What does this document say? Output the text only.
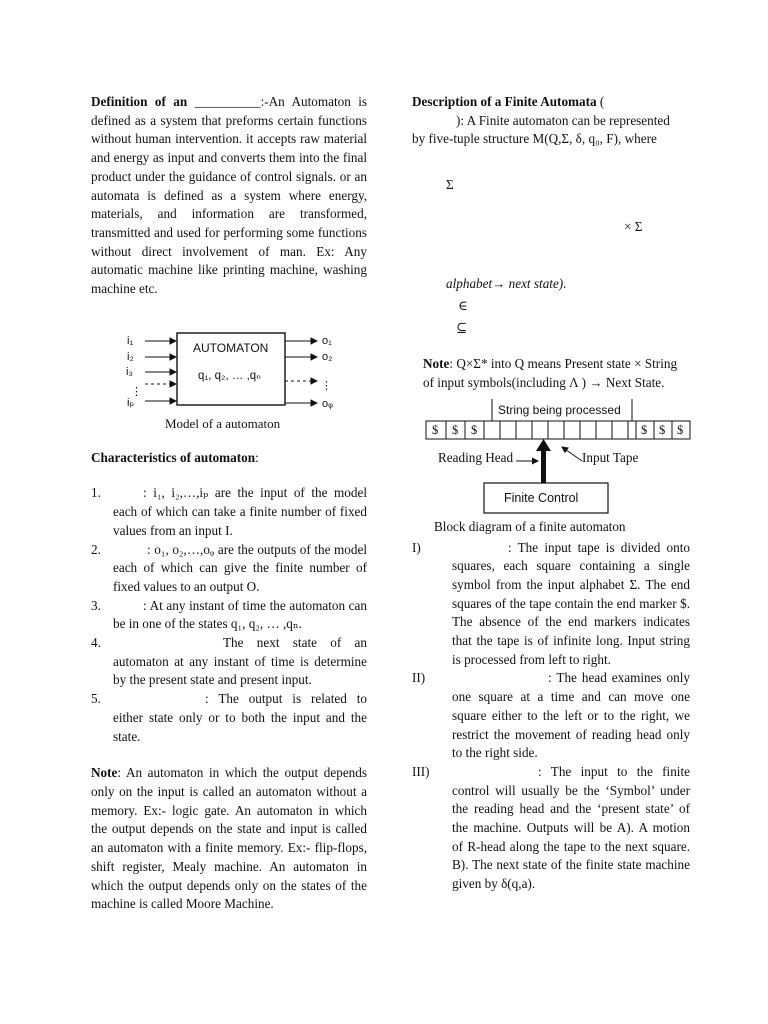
Definition of an __________:-An Automaton is defined as a system that preforms certain functions without human intervention. it accepts raw material and energy as input and converts them into the final product under the guidance of control signals. or an automata is defined as a system where energy, materials, and information are transformed, transmitted and used for performing some functions without direct involvement of man. Ex: Any automatic machine like printing machine, washing machine etc.

⋮
⋮
AUTOMATON
q₁, q₂, … ,qₙ
i₁
i₂
i₃
iₚ
o₁
o₂
oᵩ
Model of a automaton

Characteristics of automaton:

1.	: i₁, i₂,…,iₚ are the input of the model each of which can take a finite number of fixed values from an input I.
2.	: o₁, o₂,…,oᵩ are the outputs of the model each of which can give the finite number of fixed values to an output O.
3.	: At any instant of time the automaton can be in one of the states q₁, q₂, … ,qₙ.
4.	The next state of an automaton at any instant of time is determine by the present state and present input.
5.	: The output is related to either state only or to both the input and the state.

Note: An automaton in which the output depends only on the input is called an automaton without a memory. Ex:- logic gate. An automaton in which the output depends on the state and input is called an automaton with a finite memory. Ex:- flip-flops, shift register, Mealy machine. An automaton in which the output depends only on the states of the machine is called Moore Machine.

Description of a Finite Automata (

): A Finite automaton can be represented

by five-tuple structure M(Q,Σ, δ, q₀, F), where

Σ
× Σ
alphabet→ next state).
∈
⊆

Note: Q×Σ* into Q means Present state × String

of input symbols(including Λ ) → Next State.

String being processed
$ $ $	$ $ $
Reading Head	Input Tape
Finite Control
Block diagram of a finite automaton
I)	: The input tape is divided onto squares, each square containing a single symbol from the input alphabet Σ. The end squares of the tape contain the end marker $. The absence of the end markers indicates that the tape is of infinite long. Input string is processed from left to right.
II)	: The head examines only one square at a time and can move one square either to the left or to the right, we restrict the movement of reading head only to the right side.
III)	: The input to the finite control will usually be the ‘Symbol’ under the reading head and the ‘present state’ of the machine. Outputs will be A). A motion of R-head along the tape to the next square. B). The next state of the finite state machine given by δ(q,a).
